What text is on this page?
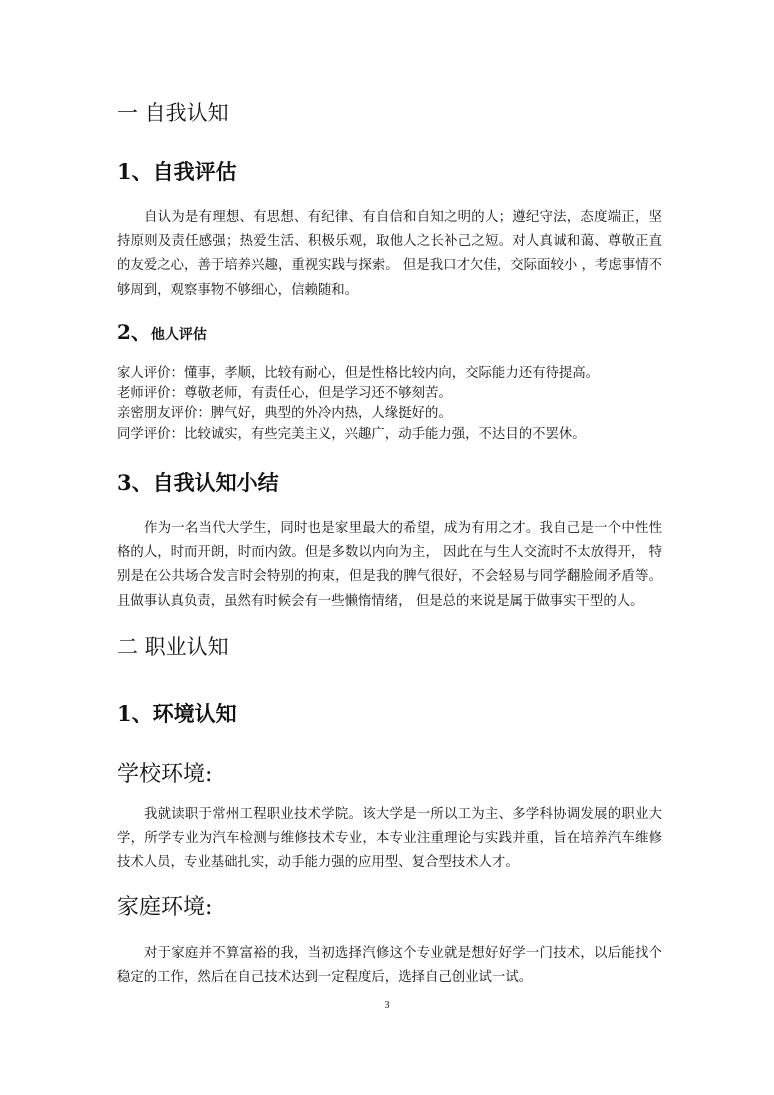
一 自我认知
1、自我评估
自认为是有理想、有思想、有纪律、有自信和自知之明的人；遵纪守法，态度端正，坚持原则及责任感强；热爱生活、积极乐观，取他人之长补己之短。对人真诚和蔼、尊敬正直的友爱之心，善于培养兴趣，重视实践与探索。 但是我口才欠佳，交际面较小 ，考虑事情不够周到，观察事物不够细心，信赖随和。
2、他人评估
家人评价：懂事，孝顺，比较有耐心，但是性格比较内向，交际能力还有待提高。
老师评价：尊敬老师，有责任心，但是学习还不够刻苦。
亲密朋友评价：脾气好，典型的外冷内热，人缘挺好的。
同学评价：比较诚实，有些完美主义，兴趣广，动手能力强，不达目的不罢休。
3、自我认知小结
作为一名当代大学生，同时也是家里最大的希望，成为有用之才。我自己是一个中性性格的人，时而开朗，时而内敛。但是多数以内向为主， 因此在与生人交流时不太放得开， 特别是在公共场合发言时会特别的拘束，但是我的脾气很好，不会轻易与同学翻脸闹矛盾等。且做事认真负责，虽然有时候会有一些懒惰情绪， 但是总的来说是属于做事实干型的人。
二 职业认知
1、环境认知
学校环境:
我就读职于常州工程职业技术学院。该大学是一所以工为主、多学科协调发展的职业大学，所学专业为汽车检测与维修技术专业，本专业注重理论与实践并重，旨在培养汽车维修技术人员，专业基础扎实，动手能力强的应用型、复合型技术人才。
家庭环境:
对于家庭并不算富裕的我，当初选择汽修这个专业就是想好好学一门技术，以后能找个稳定的工作，然后在自己技术达到一定程度后，选择自己创业试一试。
3
